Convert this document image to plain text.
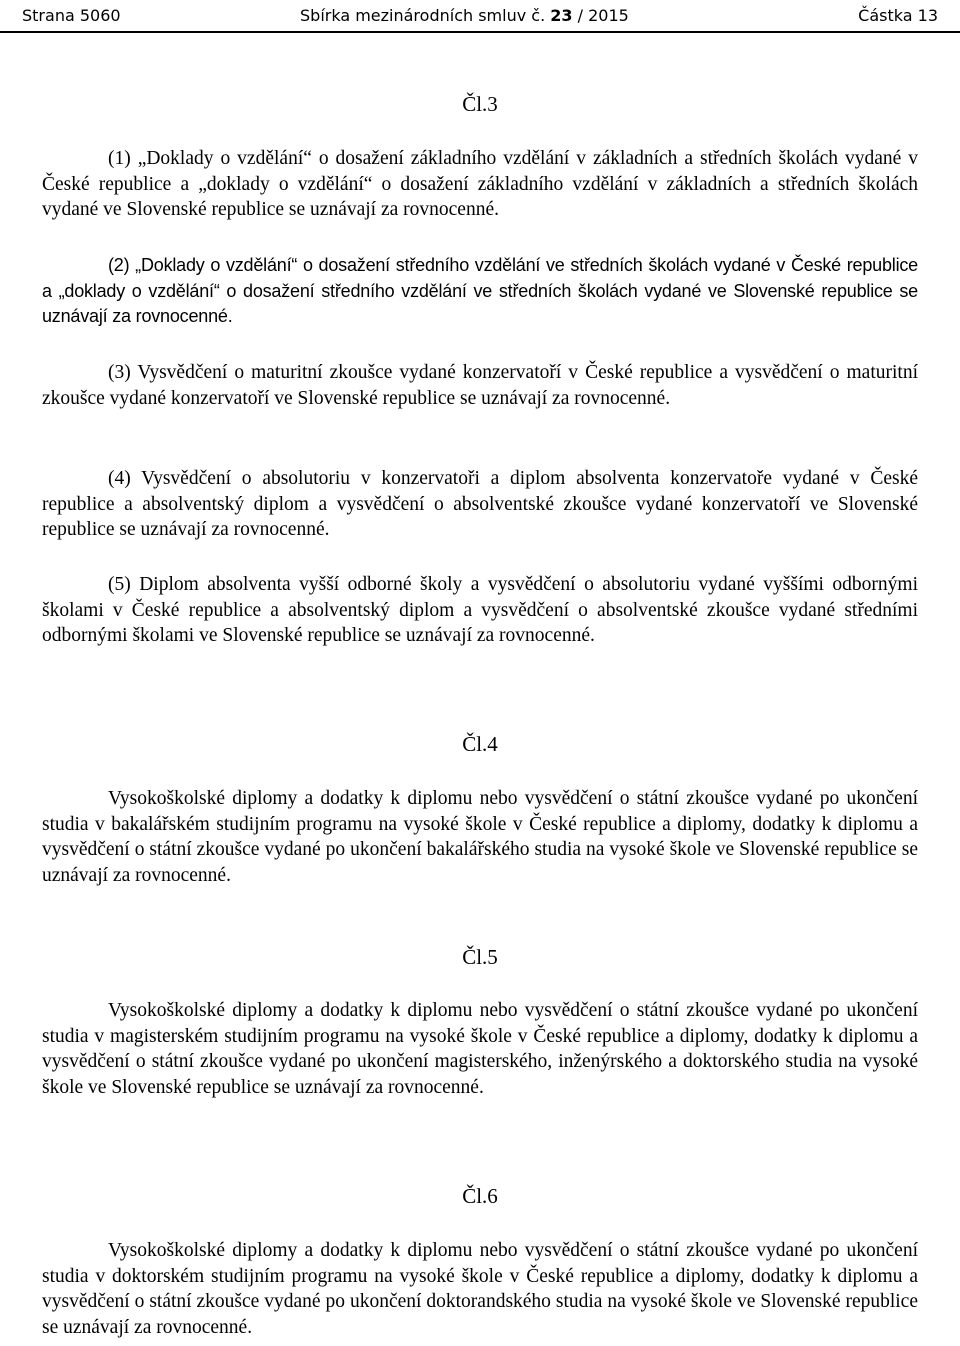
Strana 5060	Sbírka mezinárodních smluv č. 23 / 2015	Částka 13
Čl.3

(1) „Doklady o vzdělání“ o dosažení základního vzdělání v základních a středních školách vydané v České republice a „doklady o vzdělání“ o dosažení základního vzdělání v základních a středních školách vydané ve Slovenské republice se uznávají za rovnocenné.

(2) „Doklady o vzdělání“ o dosažení středního vzdělání ve středních školách vydané v České republice a „doklady o vzdělání“ o dosažení středního vzdělání ve středních školách vydané ve Slovenské republice se uznávají za rovnocenné.

(3) Vysvědčení o maturitní zkoušce vydané konzervatoří v České republice a vysvědčení o maturitní zkoušce vydané konzervatoří ve Slovenské republice se uznávají za rovnocenné.

(4) Vysvědčení o absolutoriu v konzervatoři a diplom absolventa konzervatoře vydané v České republice a absolventský diplom a vysvědčení o absolventské zkoušce vydané konzervatoří ve Slovenské republice se uznávají za rovnocenné.

(5) Diplom absolventa vyšší odborné školy a vysvědčení o absolutoriu vydané vyššími odbornými školami v České republice a absolventský diplom a vysvědčení o absolventské zkoušce vydané středními odbornými školami ve Slovenské republice se uznávají za rovnocenné.

Čl.4

Vysokoškolské diplomy a dodatky k diplomu nebo vysvědčení o státní zkoušce vydané po ukončení studia v bakalářském studijním programu na vysoké škole v České republice a diplomy, dodatky k diplomu a vysvědčení o státní zkoušce vydané po ukončení bakalářského studia na vysoké škole ve Slovenské republice se uznávají za rovnocenné.

Čl.5

Vysokoškolské diplomy a dodatky k diplomu nebo vysvědčení o státní zkoušce vydané po ukončení studia v magisterském studijním programu na vysoké škole v České republice a diplomy, dodatky k diplomu a vysvědčení o státní zkoušce vydané po ukončení magisterského, inženýrského a doktorského studia na vysoké škole ve Slovenské republice se uznávají za rovnocenné.

Čl.6

Vysokoškolské diplomy a dodatky k diplomu nebo vysvědčení o státní zkoušce vydané po ukončení studia v doktorském studijním programu na vysoké škole v České republice a diplomy, dodatky k diplomu a vysvědčení o státní zkoušce vydané po ukončení doktorandského studia na vysoké škole ve Slovenské republice se uznávají za rovnocenné.
